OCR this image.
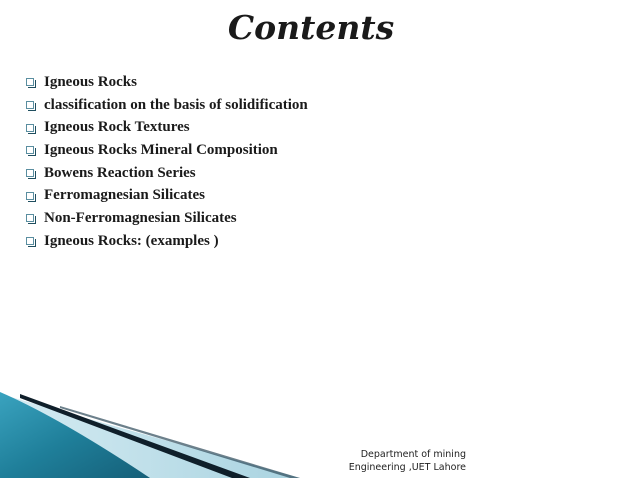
Contents
Igneous Rocks
classification on the basis of solidification
Igneous Rock Textures
Igneous Rocks Mineral Composition
Bowens Reaction Series
Ferromagnesian Silicates
Non-Ferromagnesian Silicates
Igneous Rocks: (examples )
Department of mining
Engineering ,UET Lahore
